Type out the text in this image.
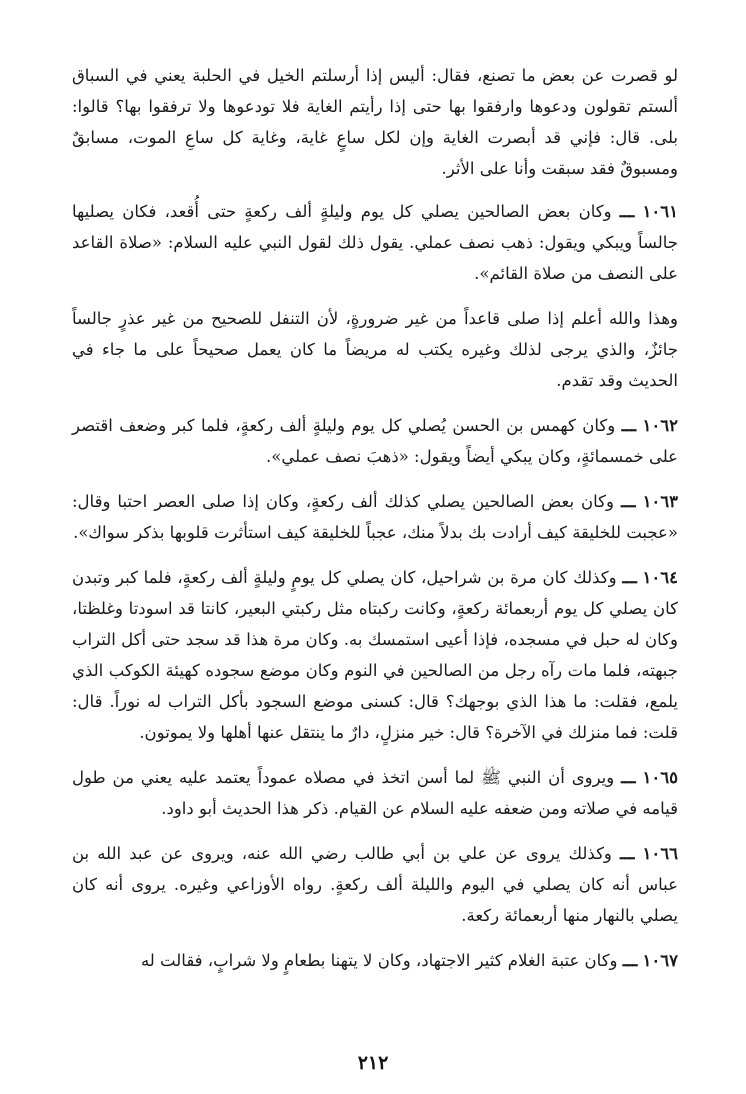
لو قصرت عن بعض ما تصنع، فقال: أليس إذا أرسلتم الخيل في الحلبة يعني في السباق ألستم تقولون ودعوها وارفقوا بها حتى إذا رأيتم الغاية فلا تودعوها ولا ترفقوا بها؟ قالوا: بلى. قال: فإني قد أبصرت الغاية وإن لكل ساعٍ غاية، وغاية كل ساعِ الموت، مسابقٌ ومسبوقٌ فقد سبقت وأنا على الأثر.

١٠٦١ ـــ وكان بعض الصالحين يصلي كل يوم وليلةٍ ألف ركعةٍ حتى أُقعد، فكان يصليها جالساً ويبكي ويقول: ذهب نصف عملي. يقول ذلك لقول النبي عليه السلام: «صلاة القاعد على النصف من صلاة القائم».

وهذا والله أعلم إذا صلى قاعداً من غير ضرورةٍ، لأن التنفل للصحيح من غير عذرٍ جالساً جائزٌ، والذي يرجى لذلك وغيره يكتب له مريضاً ما كان يعمل صحيحاً على ما جاء في الحديث وقد تقدم.

١٠٦٢ ـــ وكان كهمس بن الحسن يُصلي كل يوم وليلةٍ ألف ركعةٍ، فلما كبر وضعف اقتصر على خمسمائةٍ، وكان يبكي أيضاً ويقول: «ذهبَ نصف عملي».

١٠٦٣ ـــ وكان بعض الصالحين يصلي كذلك ألف ركعةٍ، وكان إذا صلى العصر احتبا وقال: «عجبت للخليقة كيف أرادت بك بدلاً منك، عجباً للخليقة كيف استأثرت قلوبها بذكر سواك».

١٠٦٤ ـــ وكذلك كان مرة بن شراحيل، كان يصلي كل يومٍ وليلةٍ ألف ركعةٍ، فلما كبر وتبدن كان يصلي كل يوم أربعمائة ركعةٍ، وكانت ركبتاه مثل ركبتي البعير، كانتا قد اسودتا وغلظتا، وكان له حبل في مسجده، فإذا أعيى استمسك به. وكان مرة هذا قد سجد حتى أكل التراب جبهته، فلما مات رآه رجل من الصالحين في النوم وكان موضع سجوده كهيئة الكوكب الذي يلمع، فقلت: ما هذا الذي بوجهك؟ قال: كسنى موضع السجود بأكل التراب له نوراً. قال: قلت: فما منزلك في الآخرة؟ قال: خير منزلٍ، دارٌ ما ينتقل عنها أهلها ولا يموتون.

١٠٦٥ ـــ ويروى أن النبي ﷺ لما أسن اتخذ في مصلاه عموداً يعتمد عليه يعني من طول قيامه في صلاته ومن ضعفه عليه السلام عن القيام. ذكر هذا الحديث أبو داود.

١٠٦٦ ـــ وكذلك يروى عن علي بن أبي طالب رضي الله عنه، ويروى عن عبد الله بن عباس أنه كان يصلي في اليوم والليلة ألف ركعةٍ. رواه الأوزاعي وغيره. يروى أنه كان يصلي بالنهار منها أربعمائة ركعة.

١٠٦٧ ـــ وكان عتبة الغلام كثير الاجتهاد، وكان لا يتهنا بطعامٍ ولا شرابٍ، فقالت له

٢١٢
